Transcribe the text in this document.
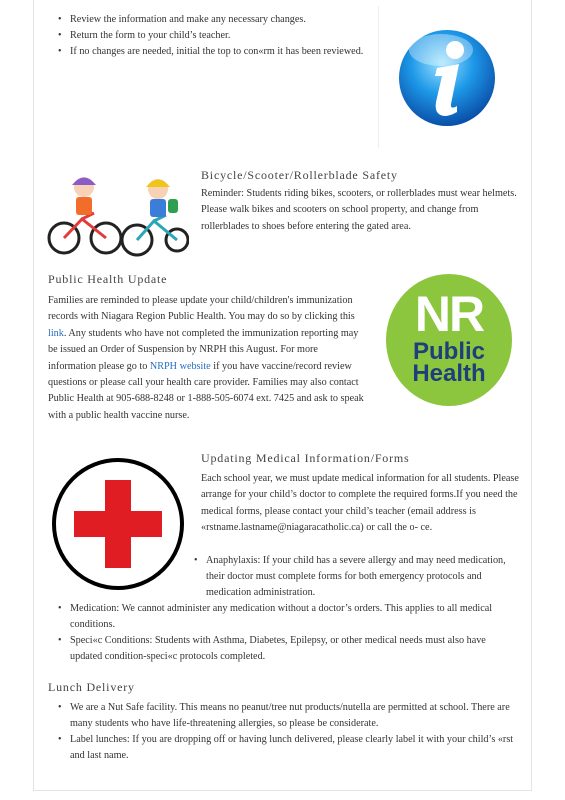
• Review the information and make any necessary changes.
• Return the form to your child’s teacher.
• If no changes are needed, initial the top to con«rm it has been reviewed.
Bicycle/Scooter/Rollerblade Safety

Reminder: Students riding bikes, scooters, or rollerblades must wear helmets. Please walk bikes and scooters on school property, and change from rollerblades to shoes before entering the gated area.

Public Health Update

Families are reminded to please update your child/children's immunization records with Niagara Region Public Health. You may do so by clicking this link. Any students who have not completed the immunization reporting may be issued an Order of Suspension by NRPH this August. For more information please go to NRPH website if you have vaccine/record review questions or please call your health care provider. Families may also contact Public Health at 905-688-8248 or 1-888-505-6074 ext. 7425 and ask to speak with a public health vaccine nurse.

NR
Public
Health
Updating Medical Information/Forms

Each school year, we must update medical information for all students. Please arrange for your child’s doctor to complete the required forms.If you need the medical forms, please contact your child’s teacher (email address is «rstname.lastname@niagaracatholic.ca) or call the o- ce.

• Anaphylaxis: If your child has a severe allergy and may need medication, their doctor must complete forms for both emergency protocols and medication administration.
• Medication: We cannot administer any medication without a doctor’s orders. This applies to all medical conditions.
• Speci«c Conditions: Students with Asthma, Diabetes, Epilepsy, or other medical needs must also have updated condition-speci«c protocols completed.
Lunch Delivery
• We are a Nut Safe facility. This means no peanut/tree nut products/nutella are permitted at school. There are many students who have life-threatening allergies, so please be considerate.
• Label lunches: If you are dropping off or having lunch delivered, please clearly label it with your child’s «rst and last name.
